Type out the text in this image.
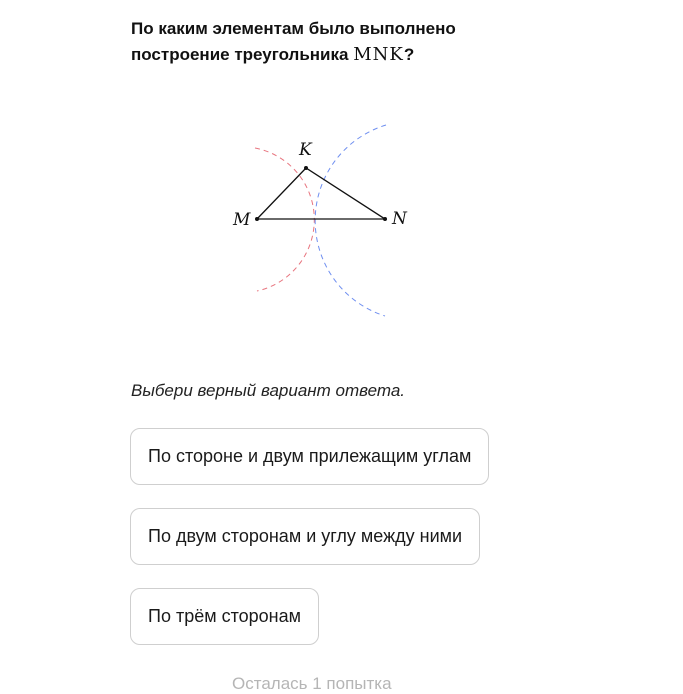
По каким элементам было выполнено построение треугольника MNK?
K
M	N
Выбери верный вариант ответа.
По стороне и двум прилежащим углам
По двум сторонам и углу между ними
По трём сторонам
Осталась 1 попытка
